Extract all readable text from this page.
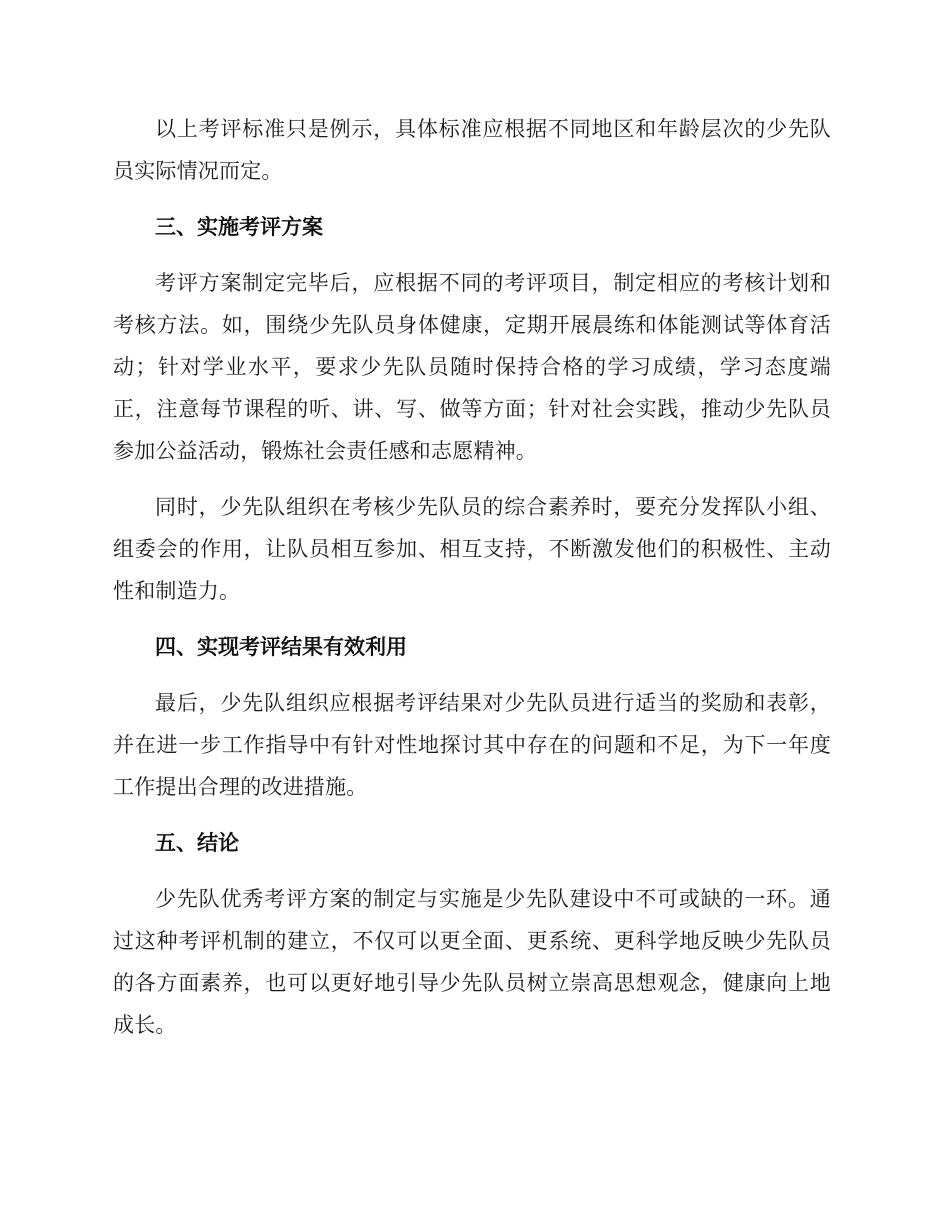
以上考评标准只是例示，具体标准应根据不同地区和年龄层次的少先队员实际情况而定。

三、实施考评方案

考评方案制定完毕后，应根据不同的考评项目，制定相应的考核计划和考核方法。如，围绕少先队员身体健康，定期开展晨练和体能测试等体育活动；针对学业水平，要求少先队员随时保持合格的学习成绩，学习态度端正，注意每节课程的听、讲、写、做等方面；针对社会实践，推动少先队员参加公益活动，锻炼社会责任感和志愿精神。

同时，少先队组织在考核少先队员的综合素养时，要充分发挥队小组、组委会的作用，让队员相互参加、相互支持，不断激发他们的积极性、主动性和制造力。

四、实现考评结果有效利用

最后，少先队组织应根据考评结果对少先队员进行适当的奖励和表彰，并在进一步工作指导中有针对性地探讨其中存在的问题和不足，为下一年度工作提出合理的改进措施。

五、结论

少先队优秀考评方案的制定与实施是少先队建设中不可或缺的一环。通过这种考评机制的建立，不仅可以更全面、更系统、更科学地反映少先队员的各方面素养，也可以更好地引导少先队员树立崇高思想观念，健康向上地成长。
